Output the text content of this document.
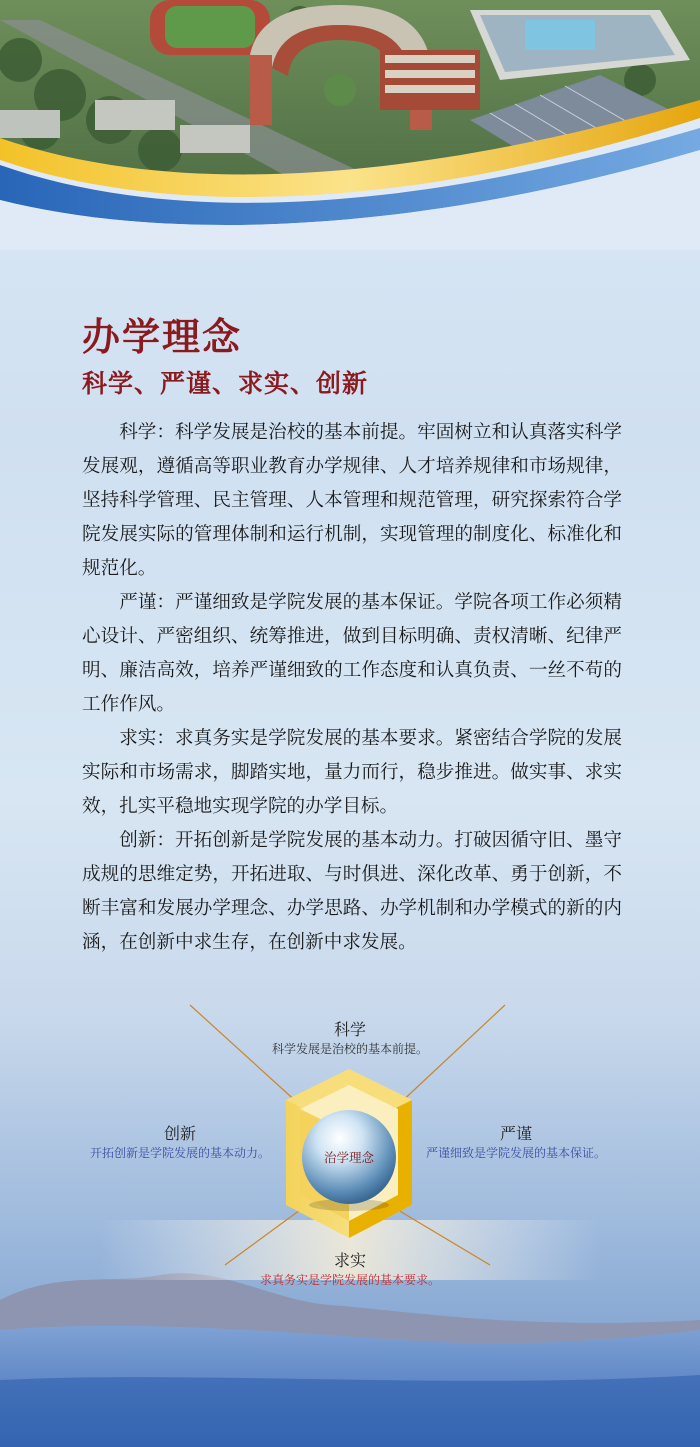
办学理念
科学、严谨、求实、创新

科学：科学发展是治校的基本前提。牢固树立和认真落实科学发展观，遵循高等职业教育办学规律、人才培养规律和市场规律，坚持科学管理、民主管理、人本管理和规范管理，研究探索符合学院发展实际的管理体制和运行机制，实现管理的制度化、标准化和规范化。

严谨：严谨细致是学院发展的基本保证。学院各项工作必须精心设计、严密组织、统筹推进，做到目标明确、责权清晰、纪律严明、廉洁高效，培养严谨细致的工作态度和认真负责、一丝不苟的工作作风。

求实：求真务实是学院发展的基本要求。紧密结合学院的发展实际和市场需求，脚踏实地，量力而行，稳步推进。做实事、求实效，扎实平稳地实现学院的办学目标。

创新：开拓创新是学院发展的基本动力。打破因循守旧、墨守成规的思维定势，开拓进取、与时俱进、深化改革、勇于创新，不断丰富和发展办学理念、办学思路、办学机制和办学模式的新的内涵，在创新中求生存，在创新中求发展。

治学理念
科学
科学发展是治校的基本前提。
严谨
严谨细致是学院发展的基本保证。
创新
开拓创新是学院发展的基本动力。
求实
求真务实是学院发展的基本要求。
